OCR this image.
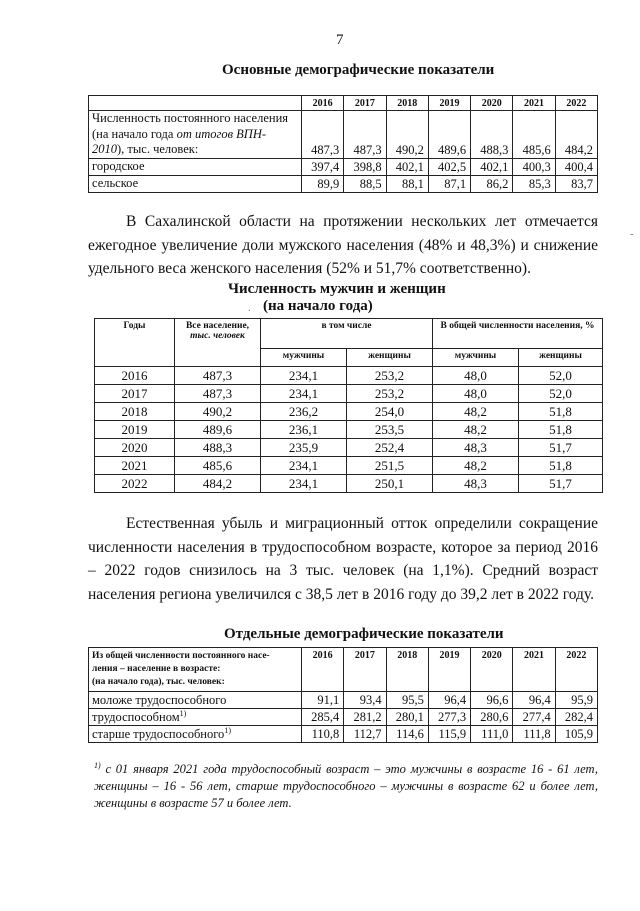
7
Основные демографические показатели
	2016	2017	2018	2019	2020	2021	2022
Численность постоянного населения
(на начало года от итогов ВПН-
2010), тыс. человек:	487,3	487,3	490,2	489,6	488,3	485,6	484,2
городское	397,4	398,8	402,1	402,5	402,1	400,3	400,4
сельское	89,9	88,5	88,1	87,1	86,2	85,3	83,7

В Сахалинской области на протяжении нескольких лет отмечается ежегодное увеличение доли мужского населения (48% и 48,3%) и снижение удельного веса женского населения (52% и 51,7% соответственно).

Численность мужчин и женщин
(на начало года)
Годы	Все население,
тыс. человек	в том числе		В общей численности населения, %	
		мужчины	женщины	мужчины	женщины
2016	487,3	234,1	253,2	48,0	52,0
2017	487,3	234,1	253,2	48,0	52,0
2018	490,2	236,2	254,0	48,2	51,8
2019	489,6	236,1	253,5	48,2	51,8
2020	488,3	235,9	252,4	48,3	51,7
2021	485,6	234,1	251,5	48,2	51,8
2022	484,2	234,1	250,1	48,3	51,7

Естественная убыль и миграционный отток определили сокращение численности населения в трудоспособном возрасте, которое за период 2016 – 2022 годов снизилось на 3 тыс. человек (на 1,1%). Средний возраст населения региона увеличился с 38,5 лет в 2016 году до 39,2 лет в 2022 году.

Отдельные демографические показатели
Из общей численности постоянного насе-
ления – население в возрасте:
(на начало года), тыс. человек:	2016	2017	2018	2019	2020	2021	2022
моложе трудоспособного	91,1	93,4	95,5	96,4	96,6	96,4	95,9
трудоспособном$^{1)}$	285,4	281,2	280,1	277,3	280,6	277,4	282,4
старше трудоспособного$^{1)}$	110,8	112,7	114,6	115,9	111,0	111,8	105,9

$^{1)}$ с 01 января 2021 года трудоспособный возраст – это мужчины в возрасте 16 - 61 лет, женщины – 16 - 56 лет, старше трудоспособного – мужчины в возрасте 62 и более лет, женщины в возрасте 57 и более лет.

.
-
